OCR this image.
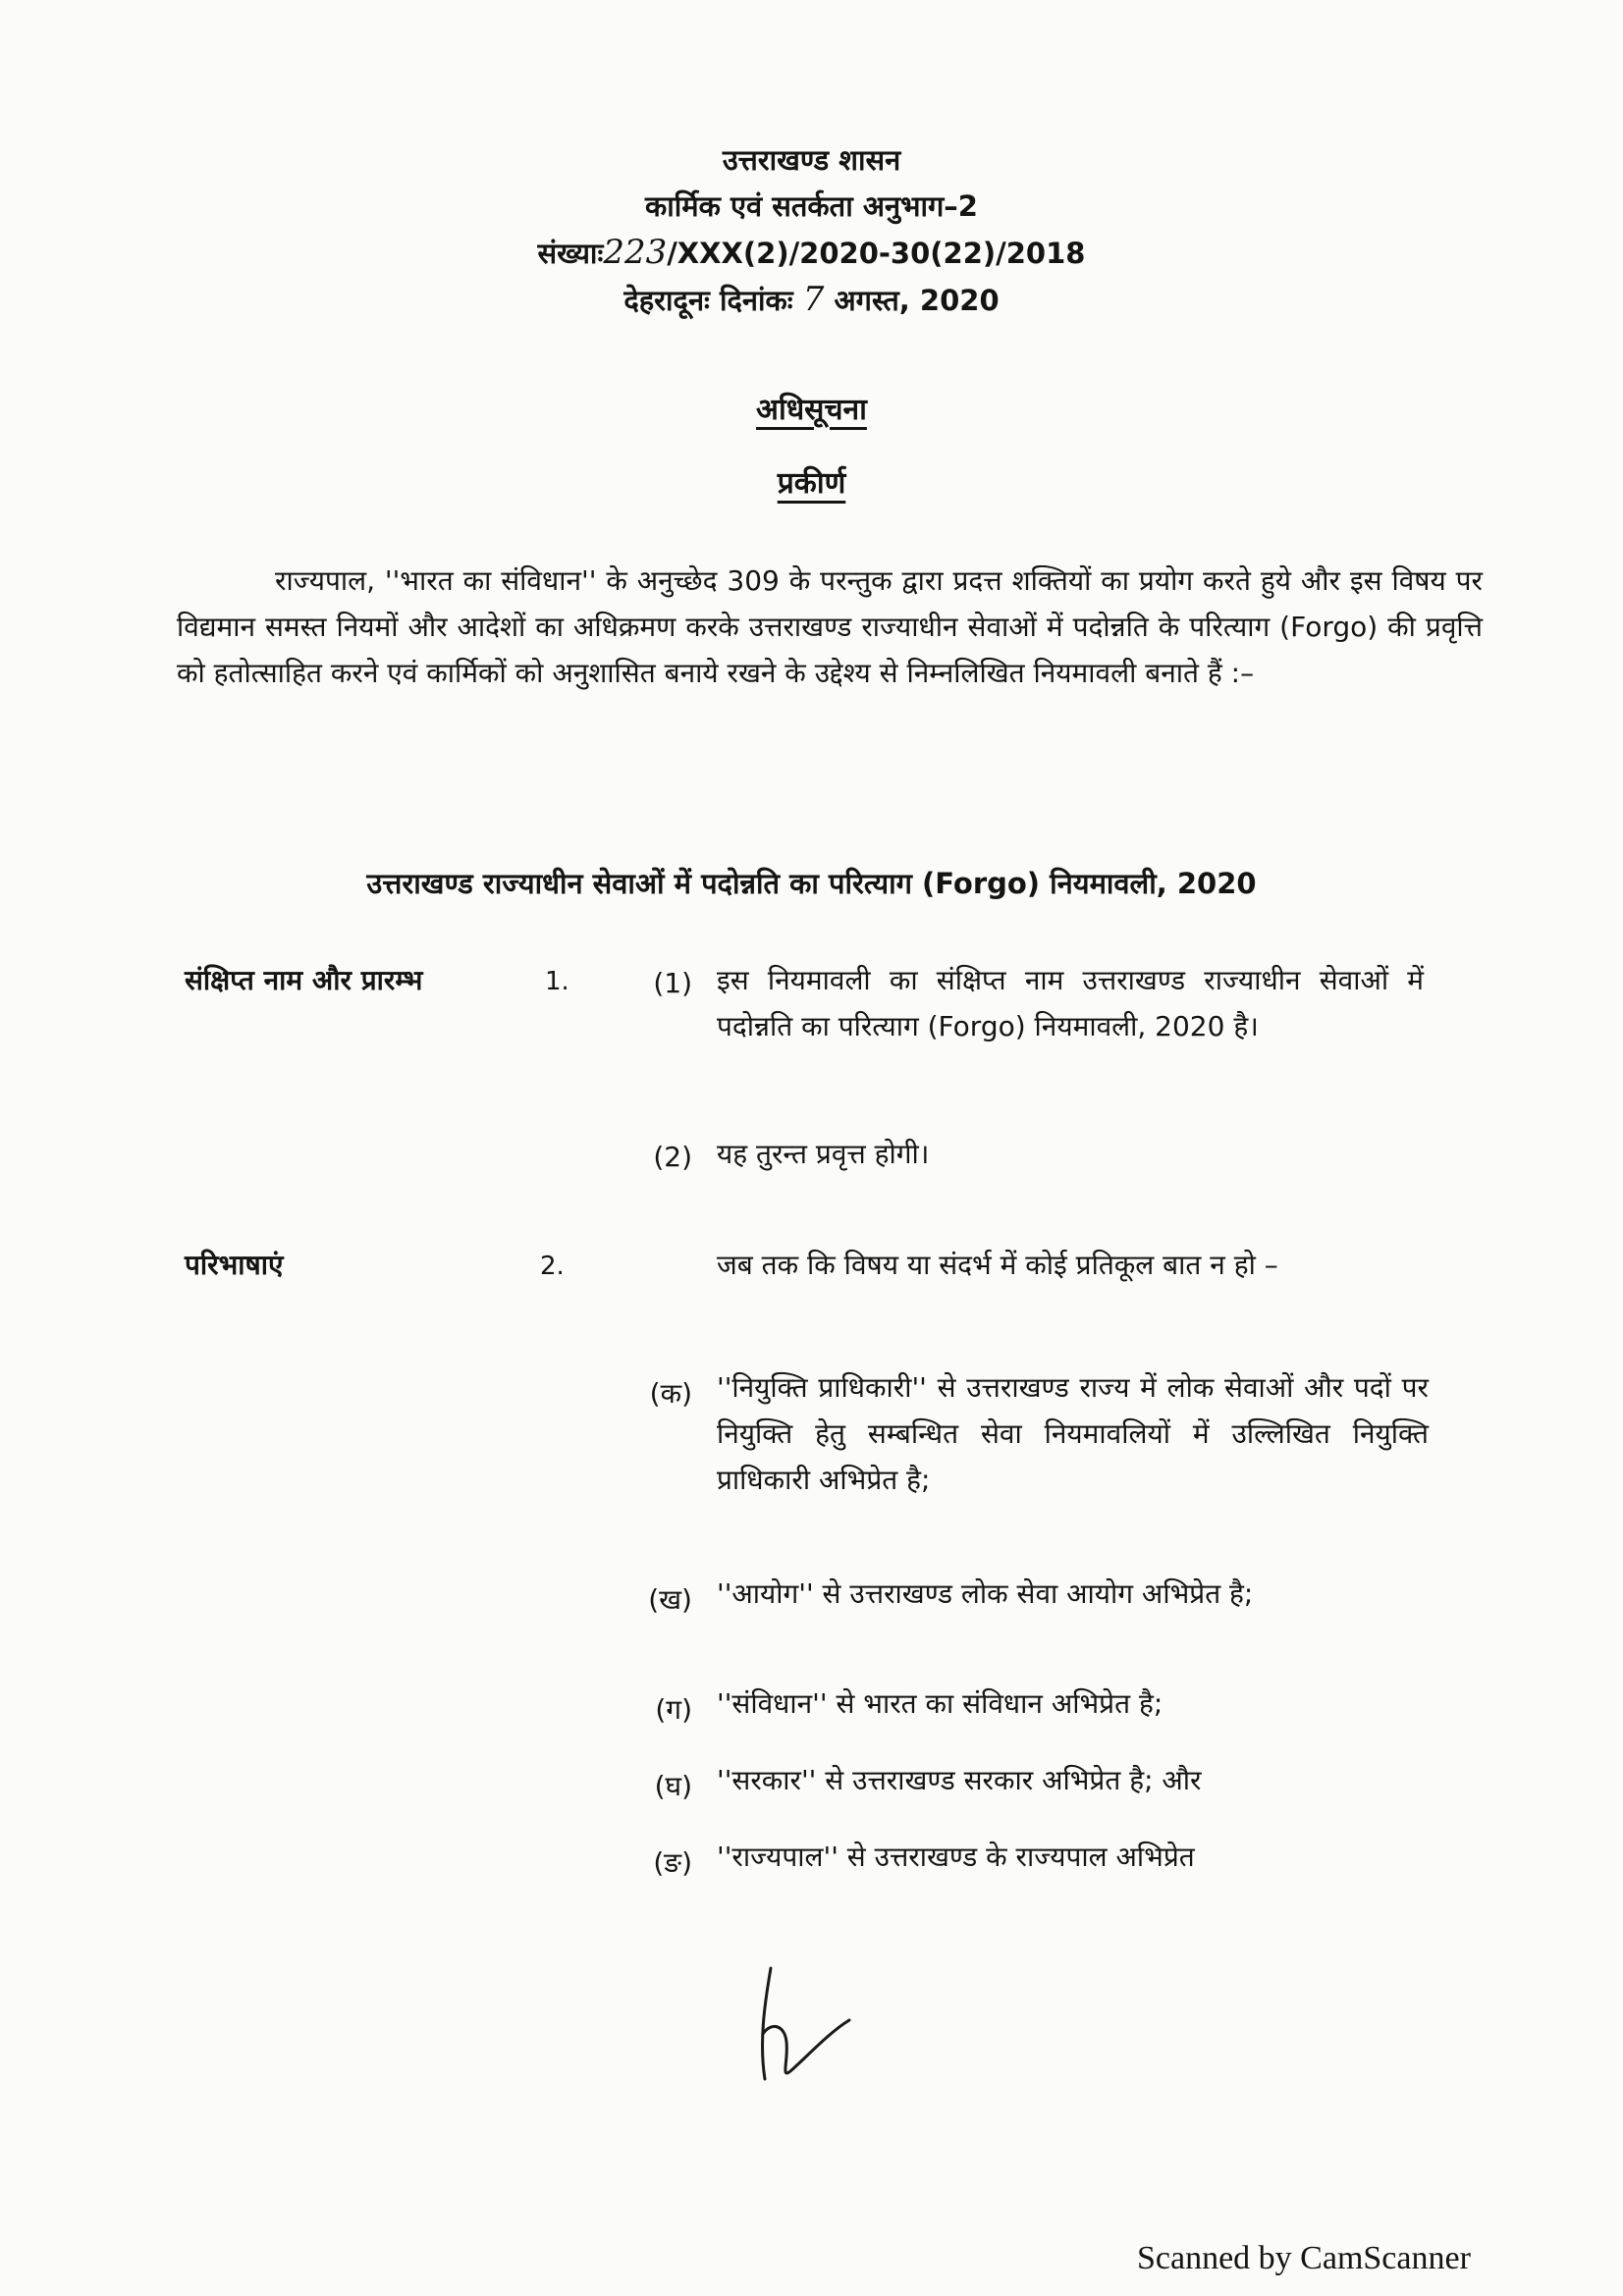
उत्तराखण्ड शासन
कार्मिक एवं सतर्कता अनुभाग–2
संख्याः223/XXX(2)/2020-30(22)/2018
देहरादूनः दिनांकः 7 अगस्त, 2020
अधिसूचना
प्रकीर्ण
राज्यपाल, ''भारत का संविधान'' के अनुच्छेद 309 के परन्तुक द्वारा प्रदत्त शक्तियों का प्रयोग करते हुये और इस विषय पर विद्यमान समस्त नियमों और आदेशों का अधिक्रमण करके उत्तराखण्ड राज्याधीन सेवाओं में पदोन्नति के परित्याग (Forgo) की प्रवृत्ति को हतोत्साहित करने एवं कार्मिकों को अनुशासित बनाये रखने के उद्देश्य से निम्नलिखित नियमावली बनाते हैं :–
उत्तराखण्ड राज्याधीन सेवाओं में पदोन्नति का परित्याग (Forgo) नियमावली, 2020
संक्षिप्त नाम और प्रारम्भ	1.	(1) इस नियमावली का संक्षिप्त नाम उत्तराखण्ड राज्याधीन सेवाओं में पदोन्नति का परित्याग (Forgo) नियमावली, 2020 है।
(2) यह तुरन्त प्रवृत्त होगी।
परिभाषाएं	2.	जब तक कि विषय या संदर्भ में कोई प्रतिकूल बात न हो –
(क) ''नियुक्ति प्राधिकारी'' से उत्तराखण्ड राज्य में लोक सेवाओं और पदों पर नियुक्ति हेतु सम्बन्धित सेवा नियमावलियों में उल्लिखित नियुक्ति प्राधिकारी अभिप्रेत है;
(ख) ''आयोग'' से उत्तराखण्ड लोक सेवा आयोग अभिप्रेत है;
(ग) ''संविधान'' से भारत का संविधान अभिप्रेत है;
(घ) ''सरकार'' से उत्तराखण्ड सरकार अभिप्रेत है; और
(ङ) ''राज्यपाल'' से उत्तराखण्ड के राज्यपाल अभिप्रेत
Scanned by CamScanner
